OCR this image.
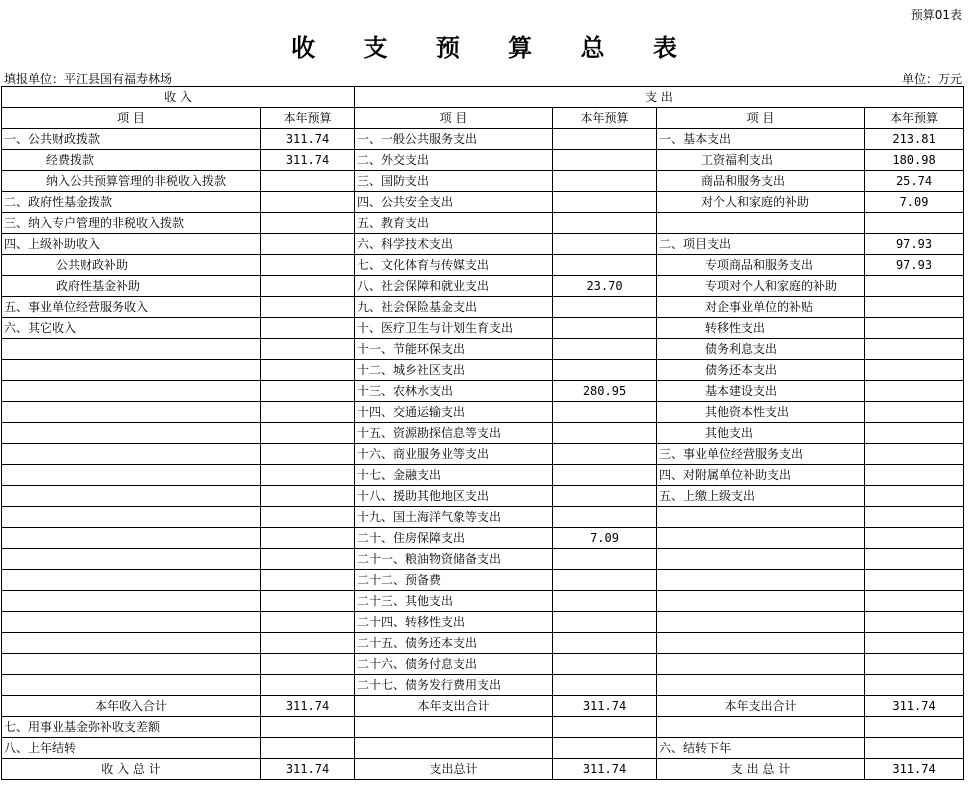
预算01表
收 支 预 算 总 表
填报单位：平江县国有福寿林场	单位：万元
收 入		支 出			
项 目	本年预算	项 目	本年预算	项 目	本年预算
一、公共财政拨款	311.74	一、一般公共服务支出		一、基本支出	213.81
经费拨款	311.74	二、外交支出		工资福利支出	180.98
纳入公共预算管理的非税收入拨款		三、国防支出		商品和服务支出	25.74
二、政府性基金拨款		四、公共安全支出		对个人和家庭的补助	7.09
三、纳入专户管理的非税收入拨款		五、教育支出			
四、上级补助收入		六、科学技术支出		二、项目支出	97.93
公共财政补助		七、文化体育与传媒支出		专项商品和服务支出	97.93
政府性基金补助		八、社会保障和就业支出	23.70	专项对个人和家庭的补助	
五、事业单位经营服务收入		九、社会保险基金支出		对企事业单位的补贴	
六、其它收入		十、医疗卫生与计划生育支出		转移性支出	
		十一、节能环保支出		债务利息支出	
		十二、城乡社区支出		债务还本支出	
		十三、农林水支出	280.95	基本建设支出	
		十四、交通运输支出		其他资本性支出	
		十五、资源勘探信息等支出		其他支出	
		十六、商业服务业等支出		三、事业单位经营服务支出	
		十七、金融支出		四、对附属单位补助支出	
		十八、援助其他地区支出		五、上缴上级支出	
		十九、国土海洋气象等支出			
		二十、住房保障支出	7.09		
		二十一、粮油物资储备支出			
		二十二、预备费			
		二十三、其他支出			
		二十四、转移性支出			
		二十五、债务还本支出			
		二十六、债务付息支出			
		二十七、债务发行费用支出			
本年收入合计	311.74	本年支出合计	311.74	本年支出合计	311.74
七、用事业基金弥补收支差额					
八、上年结转				六、结转下年	
收 入 总 计	311.74	支出总计	311.74	支 出 总 计	311.74
